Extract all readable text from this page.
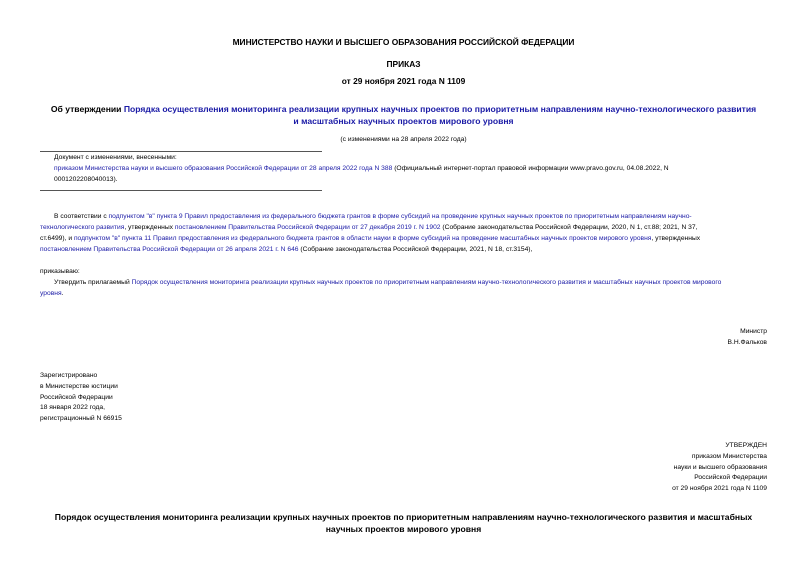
МИНИСТЕРСТВО НАУКИ И ВЫСШЕГО ОБРАЗОВАНИЯ РОССИЙСКОЙ ФЕДЕРАЦИИ
ПРИКАЗ
от 29 ноября 2021 года N 1109
Об утверждении Порядка осуществления мониторинга реализации крупных научных проектов по приоритетным направлениям научно-технологического развития
и масштабных научных проектов мирового уровня
(с изменениями на 28 апреля 2022 года)
Документ с изменениями, внесенными:
приказом Министерства науки и высшего образования Российской Федерации от 28 апреля 2022 года N 388 (Официальный интернет-портал правовой информации www.pravo.gov.ru, 04.08.2022, N
0001202208040013).
В соответствии с подпунктом "в" пункта 9 Правил предоставления из федерального бюджета грантов в форме субсидий на проведение крупных научных проектов по приоритетным направлениям научно-
технологического развития, утвержденных постановлением Правительства Российской Федерации от 27 декабря 2019 г. N 1902 (Собрание законодательства Российской Федерации, 2020, N 1, ст.88; 2021, N 37,
ст.6499), и подпунктом "в" пункта 11 Правил предоставления из федерального бюджета грантов в области науки в форме субсидий на проведение масштабных научных проектов мирового уровня, утвержденных
постановлением Правительства Российской Федерации от 26 апреля 2021 г. N 646 (Собрание законодательства Российской Федерации, 2021, N 18, ст.3154),
приказываю:
Утвердить прилагаемый Порядок осуществления мониторинга реализации крупных научных проектов по приоритетным направлениям научно-технологического развития и масштабных научных проектов мирового
уровня.
Министр
В.Н.Фальков
Зарегистрировано
в Министерстве юстиции
Российской Федерации
18 января 2022 года,
регистрационный N 66915
УТВЕРЖДЕН
приказом Министерства
науки и высшего образования
Российской Федерации
от 29 ноября 2021 года N 1109
Порядок осуществления мониторинга реализации крупных научных проектов по приоритетным направлениям научно-технологического развития и масштабных
научных проектов мирового уровня
